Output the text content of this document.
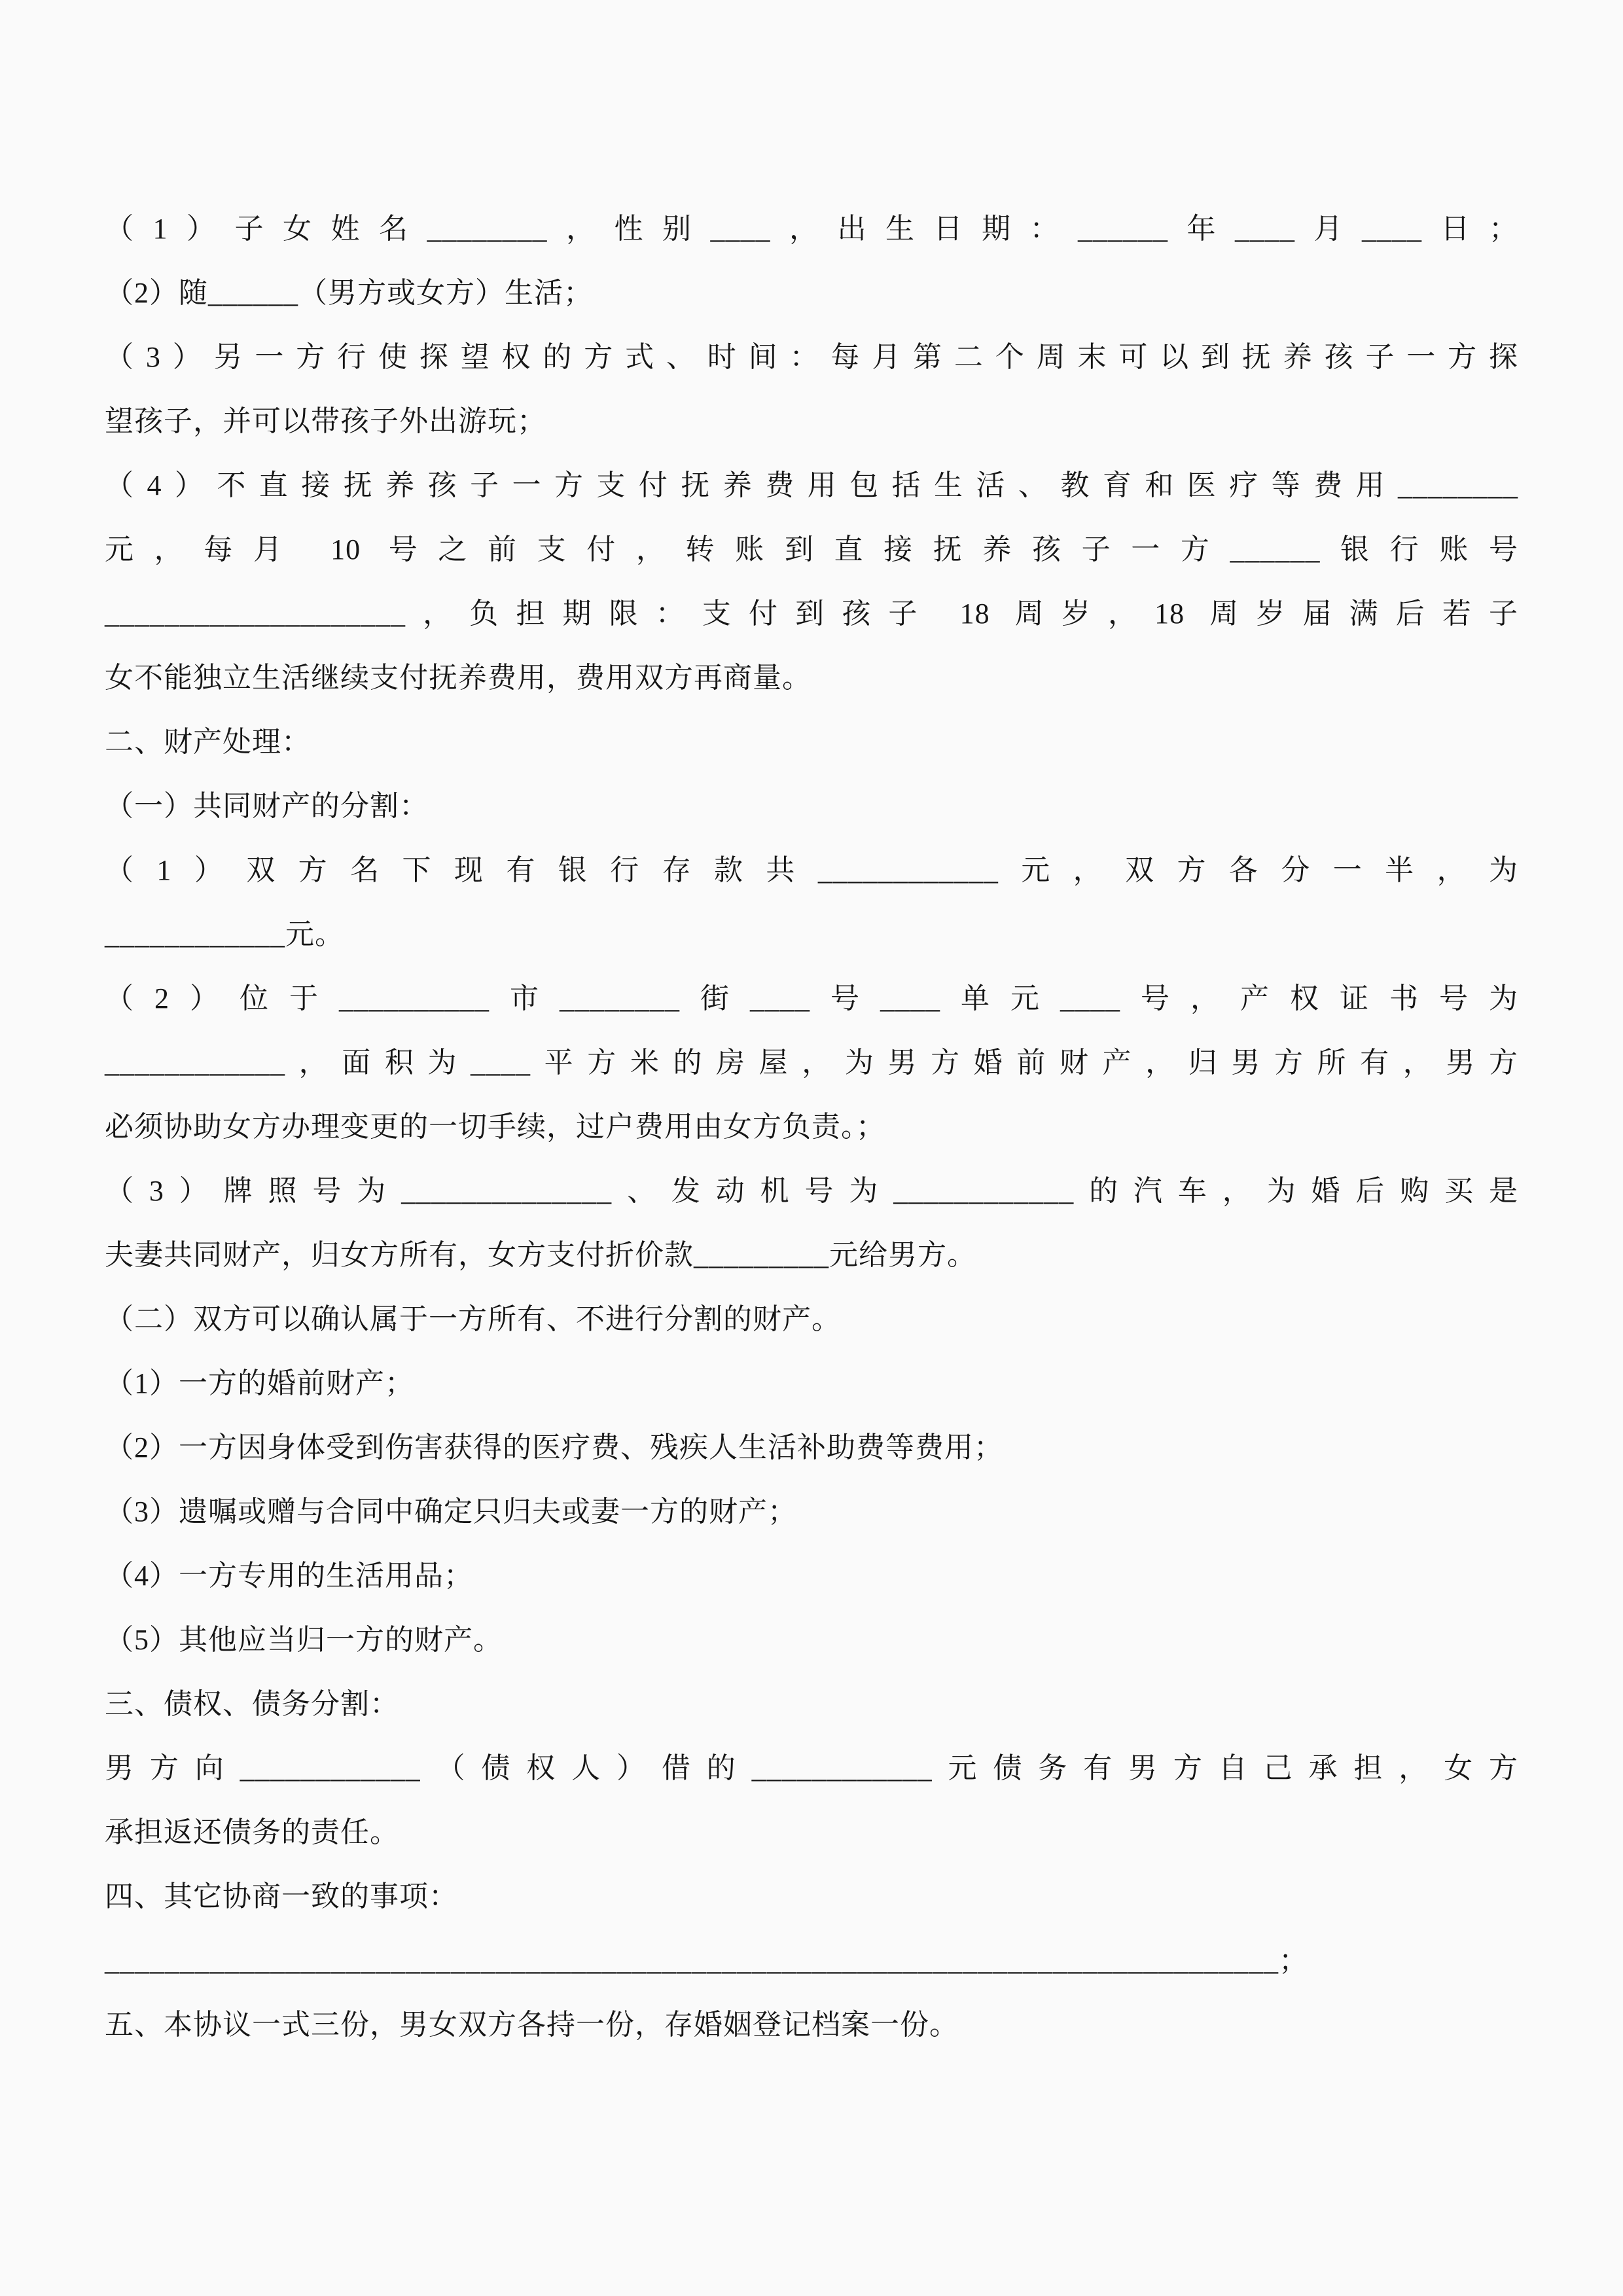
（1）子女姓名________，性别____，出生日期：______年____月____日；
（2）随______（男方或女方）生活；
（3）另一方行使探望权的方式、时间：每月第二个周末可以到抚养孩子一方探
望孩子，并可以带孩子外出游玩；
（4）不直接抚养孩子一方支付抚养费用包括生活、教育和医疗等费用________
元，每月 10 号之前支付，转账到直接抚养孩子一方______银行账号
____________________，负担期限：支付到孩子 18 周岁，18 周岁届满后若子
女不能独立生活继续支付抚养费用，费用双方再商量。
二、财产处理：
（一）共同财产的分割：
（1）双方名下现有银行存款共____________元，双方各分一半，为
____________元。
（2）位于__________市________街____号____单元____号，产权证书号为
____________，面积为____平方米的房屋，为男方婚前财产，归男方所有，男方
必须协助女方办理变更的一切手续，过户费用由女方负责。；
（3）牌照号为______________、发动机号为____________的汽车，为婚后购买是
夫妻共同财产，归女方所有，女方支付折价款_________元给男方。
（二）双方可以确认属于一方所有、不进行分割的财产。
（1）一方的婚前财产；
（2）一方因身体受到伤害获得的医疗费、残疾人生活补助费等费用；
（3）遗嘱或赠与合同中确定只归夫或妻一方的财产；
（4）一方专用的生活用品；
（5）其他应当归一方的财产。
三、债权、债务分割：
男方向____________（债权人）借的____________元债务有男方自己承担，女方
承担返还债务的责任。
四、其它协商一致的事项：
______________________________________________________________________________；
五、本协议一式三份，男女双方各持一份，存婚姻登记档案一份。
